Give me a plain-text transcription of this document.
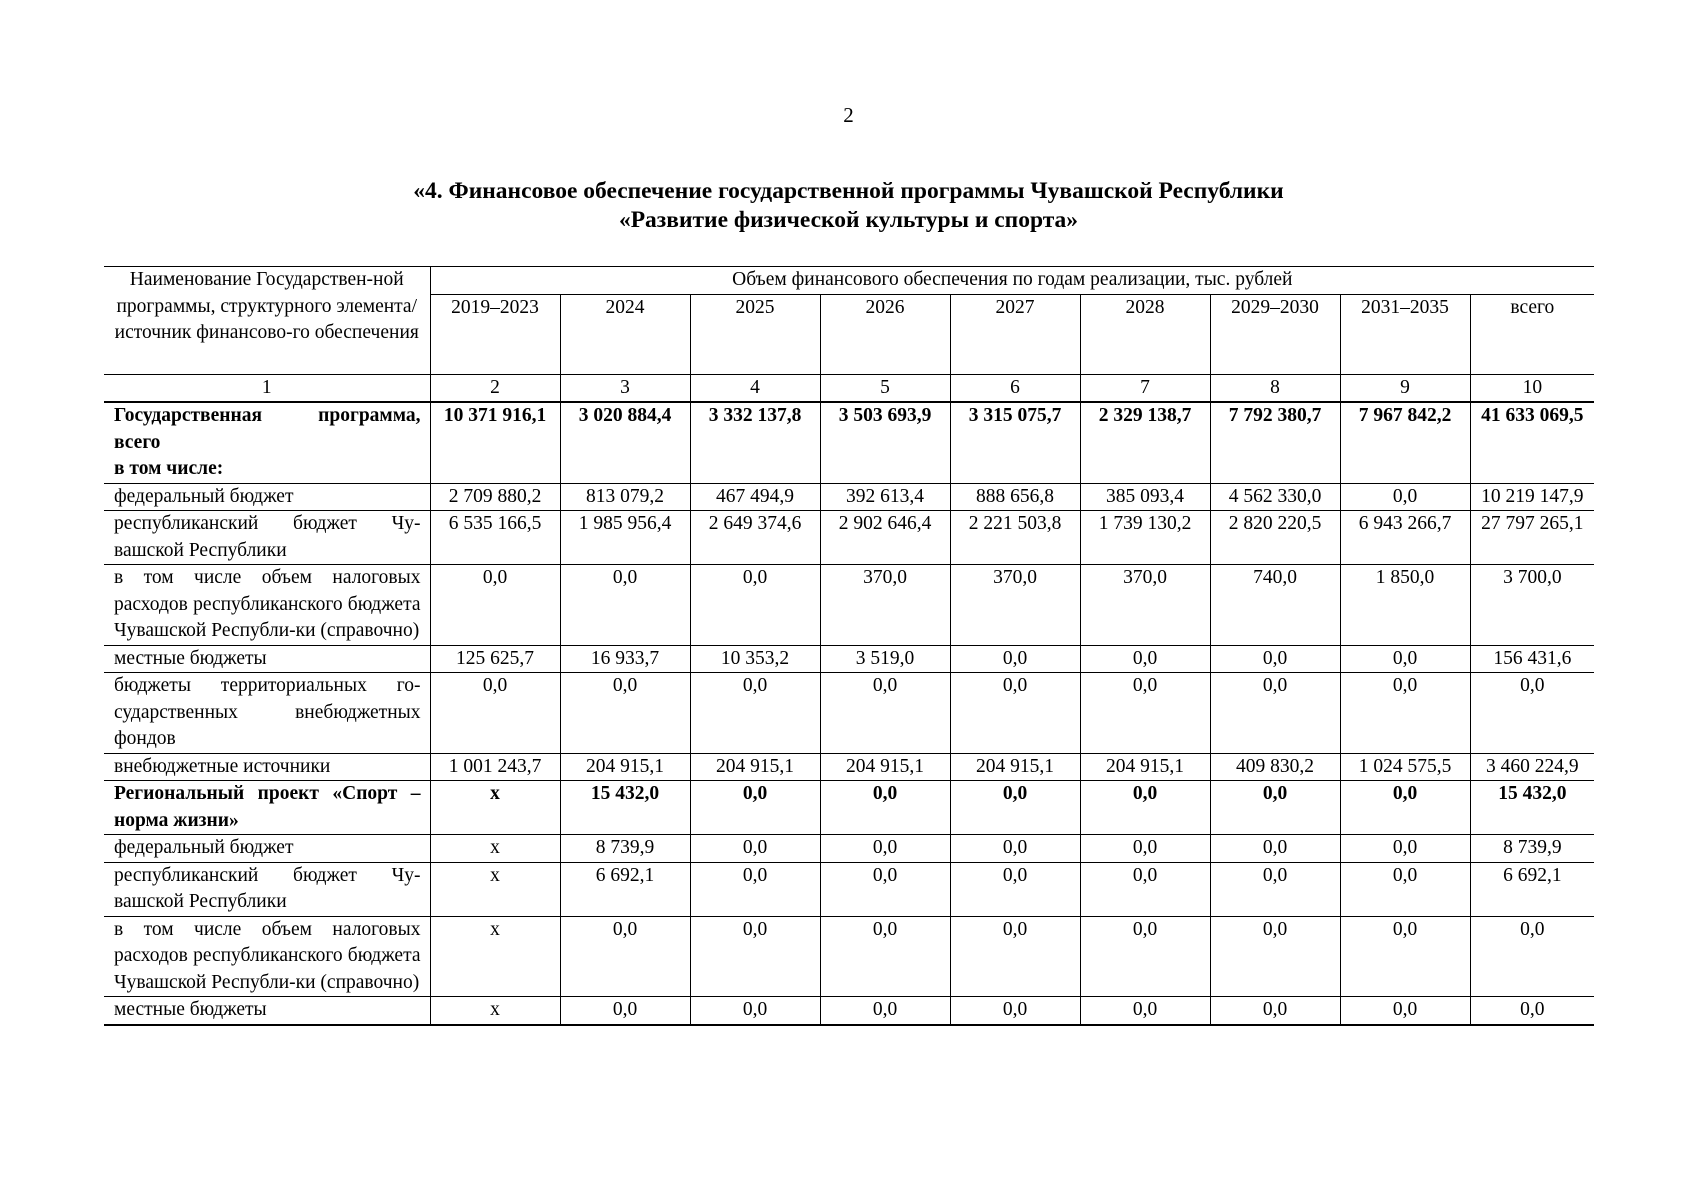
2
«4. Финансовое обеспечение государственной программы Чувашской Республики
«Развитие физической культуры и спорта»
Наименование Государствен-ной программы, структурного элемента/источник финансово-го обеспечения	Объем финансового обеспечения по годам реализации, тыс. рублей								
	2019–2023	2024	2025	2026	2027	2028	2029–2030	2031–2035	всего
1	2	3	4	5	6	7	8	9	10
Государственная программа, всего
в том числе:	10 371 916,1	3 020 884,4	3 332 137,8	3 503 693,9	3 315 075,7	2 329 138,7	7 792 380,7	7 967 842,2	41 633 069,5
федеральный бюджет	2 709 880,2	813 079,2	467 494,9	392 613,4	888 656,8	385 093,4	4 562 330,0	0,0	10 219 147,9
республиканский бюджет Чу-вашской Республики	6 535 166,5	1 985 956,4	2 649 374,6	2 902 646,4	2 221 503,8	1 739 130,2	2 820 220,5	6 943 266,7	27 797 265,1
в том числе объем налоговых расходов республиканского бюджета Чувашской Республи-ки (справочно)	0,0	0,0	0,0	370,0	370,0	370,0	740,0	1 850,0	3 700,0
местные бюджеты	125 625,7	16 933,7	10 353,2	3 519,0	0,0	0,0	0,0	0,0	156 431,6
бюджеты территориальных го-сударственных внебюджетных фондов	0,0	0,0	0,0	0,0	0,0	0,0	0,0	0,0	0,0
внебюджетные источники	1 001 243,7	204 915,1	204 915,1	204 915,1	204 915,1	204 915,1	409 830,2	1 024 575,5	3 460 224,9
Региональный проект «Спорт – норма жизни»	х	15 432,0	0,0	0,0	0,0	0,0	0,0	0,0	15 432,0
федеральный бюджет	х	8 739,9	0,0	0,0	0,0	0,0	0,0	0,0	8 739,9
республиканский бюджет Чу-вашской Республики	х	6 692,1	0,0	0,0	0,0	0,0	0,0	0,0	6 692,1
в том числе объем налоговых расходов республиканского бюджета Чувашской Республи-ки (справочно)	х	0,0	0,0	0,0	0,0	0,0	0,0	0,0	0,0
местные бюджеты	х	0,0	0,0	0,0	0,0	0,0	0,0	0,0	0,0
